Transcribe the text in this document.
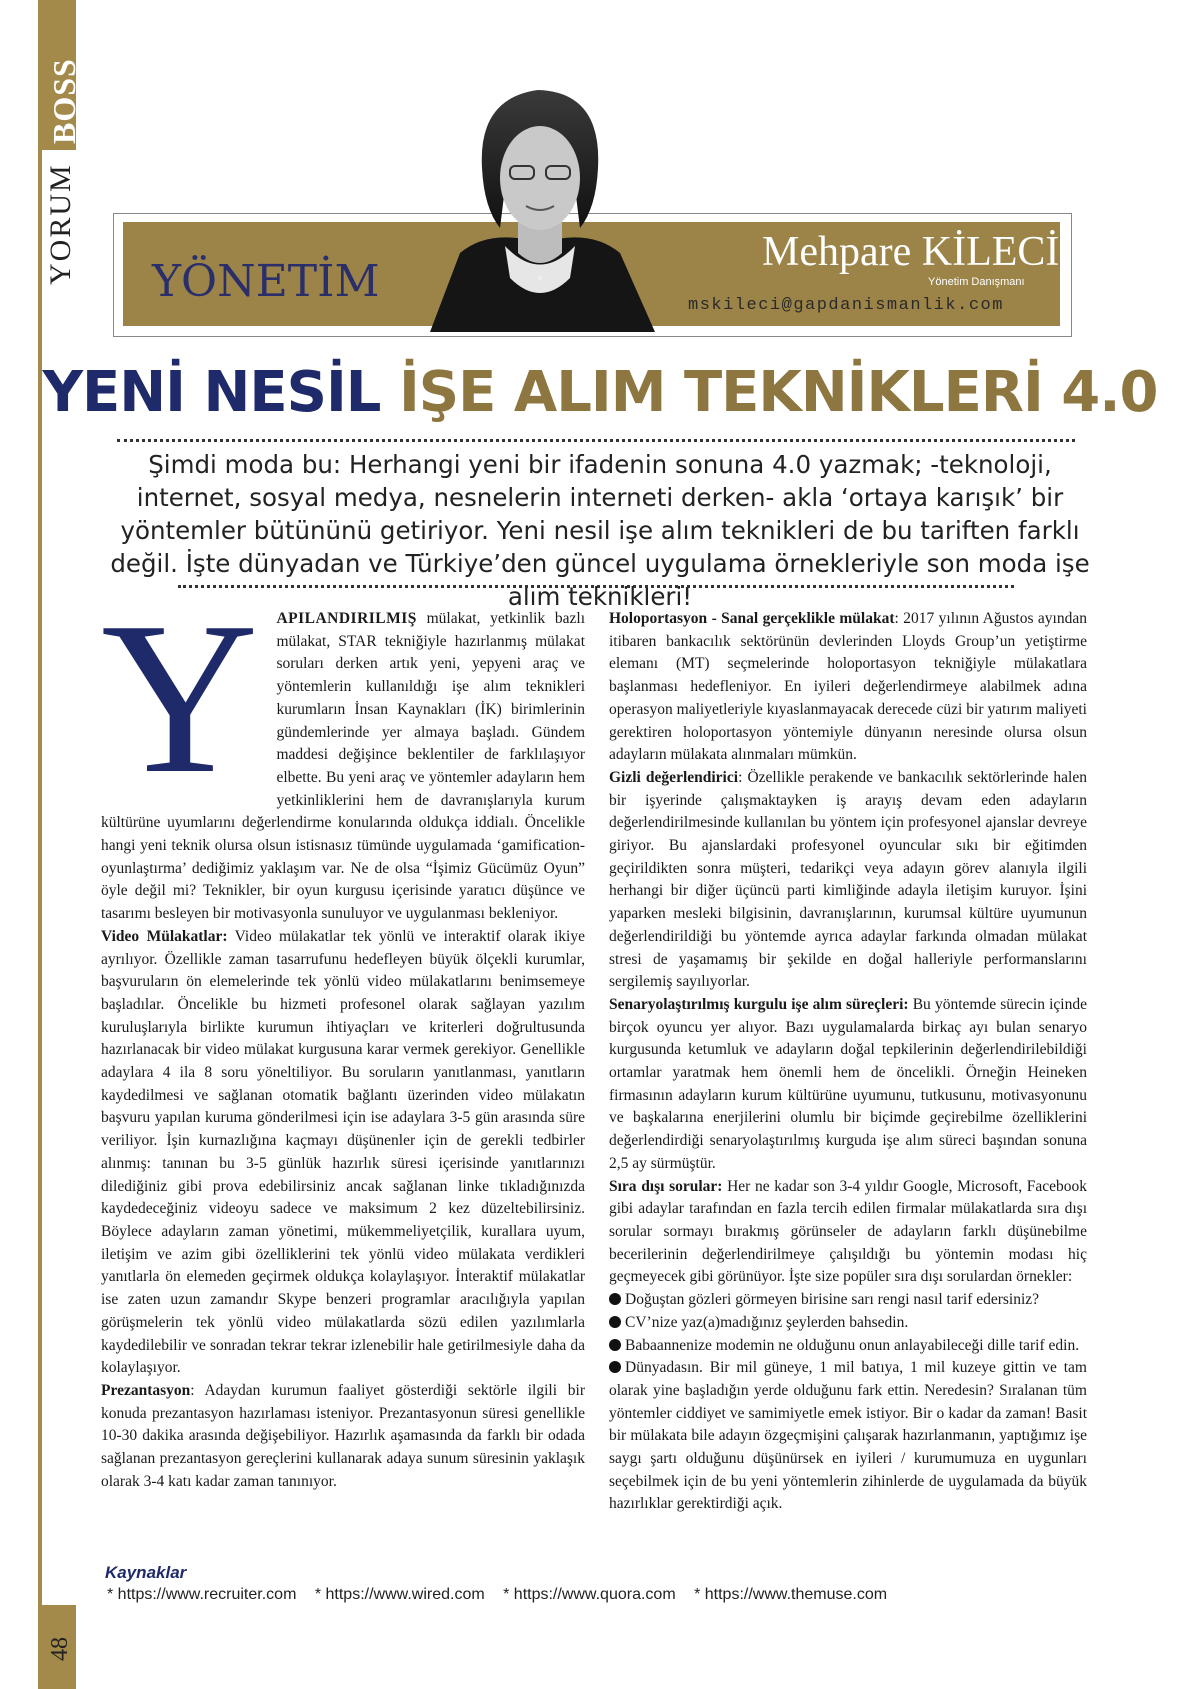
BOSS
YORUM
48
YÖNETİM
Mehpare KİLECİ
Yönetim Danışmanı
mskileci@gapdanismanlik.com
YENİ NESİL İŞE ALIM TEKNİKLERİ 4.0
Şimdi moda bu: Herhangi yeni bir ifadenin sonuna 4.0 yazmak; -teknoloji, internet, sosyal medya, nesnelerin interneti derken- akla ‘ortaya karışık’ bir yöntemler bütününü getiriyor. Yeni nesil işe alım teknikleri de bu tariften farklı değil. İşte dünyadan ve Türkiye’den güncel uygulama örnekleriyle son moda işe alım teknikleri!

Y APILANDIRILMIŞ mülakat, yetkinlik bazlı mülakat, STAR tekniğiyle hazırlanmış mülakat soruları derken artık yeni, yepyeni araç ve yöntemlerin kullanıldığı işe alım teknikleri kurumların İnsan Kaynakları (İK) birimlerinin gündemlerinde yer almaya başladı. Gündem maddesi değişince beklentiler de farklılaşıyor elbette. Bu yeni araç ve yöntemler adayların hem yetkinliklerini hem de davranışlarıyla kurum kültürüne uyumlarını değerlendirme konularında oldukça iddialı. Öncelikle hangi yeni teknik olursa olsun istisnasız tümünde uygulamada ‘gamification-oyunlaştırma’ dediğimiz yaklaşım var. Ne de olsa “İşimiz Gücümüz Oyun” öyle değil mi? Teknikler, bir oyun kurgusu içerisinde yaratıcı düşünce ve tasarımı besleyen bir motivasyonla sunuluyor ve uygulanması bekleniyor.

Video Mülakatlar: Video mülakatlar tek yönlü ve interaktif olarak ikiye ayrılıyor. Özellikle zaman tasarrufunu hedefleyen büyük ölçekli kurumlar, başvuruların ön elemelerinde tek yönlü video mülakatlarını benimsemeye başladılar. Öncelikle bu hizmeti profesonel olarak sağlayan yazılım kuruluşlarıyla birlikte kurumun ihtiyaçları ve kriterleri doğrultusunda hazırlanacak bir video mülakat kurgusuna karar vermek gerekiyor. Genellikle adaylara 4 ila 8 soru yöneltiliyor. Bu soruların yanıtlanması, yanıtların kaydedilmesi ve sağlanan otomatik bağlantı üzerinden video mülakatın başvuru yapılan kuruma gönderilmesi için ise adaylara 3-5 gün arasında süre veriliyor. İşin kurnazlığına kaçmayı düşünenler için de gerekli tedbirler alınmış: tanınan bu 3-5 günlük hazırlık süresi içerisinde yanıtlarınızı dilediğiniz gibi prova edebilirsiniz ancak sağlanan linke tıkladığınızda kaydedeceğiniz videoyu sadece ve maksimum 2 kez düzeltebilirsiniz. Böylece adayların zaman yönetimi, mükemmeliyetçilik, kurallara uyum, iletişim ve azim gibi özelliklerini tek yönlü video mülakata verdikleri yanıtlarla ön elemeden geçirmek oldukça kolaylaşıyor. İnteraktif mülakatlar ise zaten uzun zamandır Skype benzeri programlar aracılığıyla yapılan görüşmelerin tek yönlü video mülakatlarda sözü edilen yazılımlarla kaydedilebilir ve sonradan tekrar tekrar izlenebilir hale getirilmesiyle daha da kolaylaşıyor.

Prezantasyon: Adaydan kurumun faaliyet gösterdiği sektörle ilgili bir konuda prezantasyon hazırlaması isteniyor. Prezantasyonun süresi genellikle 10-30 dakika arasında değişebiliyor. Hazırlık aşamasında da farklı bir odada sağlanan prezantasyon gereçlerini kullanarak adaya sunum süresinin yaklaşık olarak 3-4 katı kadar zaman tanınıyor.

Holoportasyon - Sanal gerçeklikle mülakat: 2017 yılının Ağustos ayından itibaren bankacılık sektörünün devlerinden Lloyds Group’un yetiştirme elemanı (MT) seçmelerinde holoportasyon tekniğiyle mülakatlara başlanması hedefleniyor. En iyileri değerlendirmeye alabilmek adına operasyon maliyetleriyle kıyaslanmayacak derecede cüzi bir yatırım maliyeti gerektiren holoportasyon yöntemiyle dünyanın neresinde olursa olsun adayların mülakata alınmaları mümkün.

Gizli değerlendirici: Özellikle perakende ve bankacılık sektörlerinde halen bir işyerinde çalışmaktayken iş arayış devam eden adayların değerlendirilmesinde kullanılan bu yöntem için profesyonel ajanslar devreye giriyor. Bu ajanslardaki profesyonel oyuncular sıkı bir eğitimden geçirildikten sonra müşteri, tedarikçi veya adayın görev alanıyla ilgili herhangi bir diğer üçüncü parti kimliğinde adayla iletişim kuruyor. İşini yaparken mesleki bilgisinin, davranışlarının, kurumsal kültüre uyumunun değerlendirildiği bu yöntemde ayrıca adaylar farkında olmadan mülakat stresi de yaşamamış bir şekilde en doğal halleriyle performanslarını sergilemiş sayılıyorlar.

Senaryolaştırılmış kurgulu işe alım süreçleri: Bu yöntemde sürecin içinde birçok oyuncu yer alıyor. Bazı uygulamalarda birkaç ayı bulan senaryo kurgusunda ketumluk ve adayların doğal tepkilerinin değerlendirilebildiği ortamlar yaratmak hem önemli hem de öncelikli. Örneğin Heineken firmasının adayların kurum kültürüne uyumunu, tutkusunu, motivasyonunu ve başkalarına enerjilerini olumlu bir biçimde geçirebilme özelliklerini değerlendirdiği senaryolaştırılmış kurguda işe alım süreci başından sonuna 2,5 ay sürmüştür.

Sıra dışı sorular: Her ne kadar son 3-4 yıldır Google, Microsoft, Facebook gibi adaylar tarafından en fazla tercih edilen firmalar mülakatlarda sıra dışı sorular sormayı bırakmış görünseler de adayların farklı düşünebilme becerilerinin değerlendirilmeye çalışıldığı bu yöntemin modası hiç geçmeyecek gibi görünüyor. İşte size popüler sıra dışı sorulardan örnekler:

Doğuştan gözleri görmeyen birisine sarı rengi nasıl tarif edersiniz?

CV’nize yaz(a)madığınız şeylerden bahsedin.

Babaannenize modemin ne olduğunu onun anlayabileceği dille tarif edin.

Dünyadasın. Bir mil güneye, 1 mil batıya, 1 mil kuzeye gittin ve tam olarak yine başladığın yerde olduğunu fark ettin. Neredesin? Sıralanan tüm yöntemler ciddiyet ve samimiyetle emek istiyor. Bir o kadar da zaman! Basit bir mülakata bile adayın özgeçmişini çalışarak hazırlanmanın, yaptığımız işe saygı şartı olduğunu düşünürsek en iyileri / kurumumuza en uygunları seçebilmek için de bu yeni yöntemlerin zihinlerde de uygulamada da büyük hazırlıklar gerektirdiği açık.

Kaynaklar
* https://www.recruiter.com * https://www.wired.com * https://www.quora.com * https://www.themuse.com
